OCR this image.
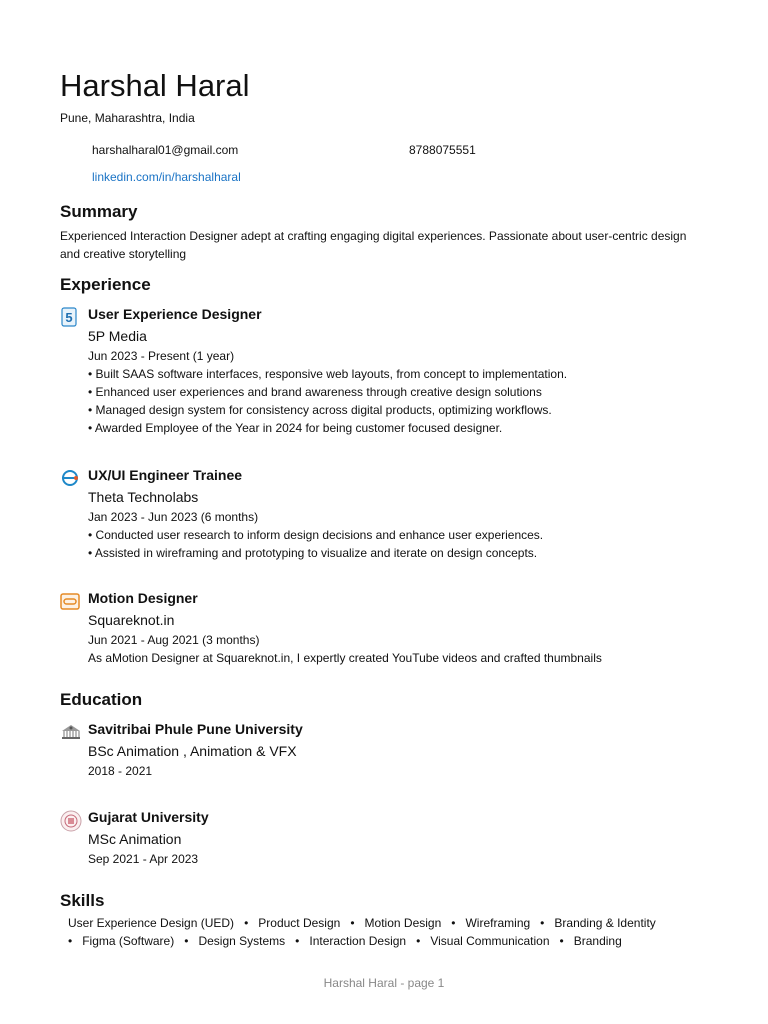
Harshal Haral
Pune, Maharashtra, India
harshalharal01@gmail.com	8788075551
linkedin.com/in/harshalharal
Summary
Experienced Interaction Designer adept at crafting engaging digital experiences. Passionate about user-centric design and creative storytelling
Experience
5 User Experience Designer
5P Media
Jun 2023 - Present (1 year)
• Built SAAS software interfaces, responsive web layouts, from concept to implementation.
• Enhanced user experiences and brand awareness through creative design solutions
• Managed design system for consistency across digital products, optimizing workflows.
• Awarded Employee of the Year in 2024 for being customer focused designer.
UX/UI Engineer Trainee
Theta Technolabs
Jan 2023 - Jun 2023 (6 months)
• Conducted user research to inform design decisions and enhance user experiences.
• Assisted in wireframing and prototyping to visualize and iterate on design concepts.
Motion Designer
Squareknot.in
Jun 2021 - Aug 2021 (3 months)
As aMotion Designer at Squareknot.in, I expertly created YouTube videos and crafted thumbnails
Education
Savitribai Phule Pune University
BSc Animation , Animation & VFX
2018 - 2021
Gujarat University
MSc Animation
Sep 2021 - Apr 2023
Skills
User Experience Design (UED)   •   Product Design   •   Motion Design   •   Wireframing   •   Branding & Identity
•   Figma (Software)   •   Design Systems   •   Interaction Design   •   Visual Communication   •   Branding
Harshal Haral - page 1
